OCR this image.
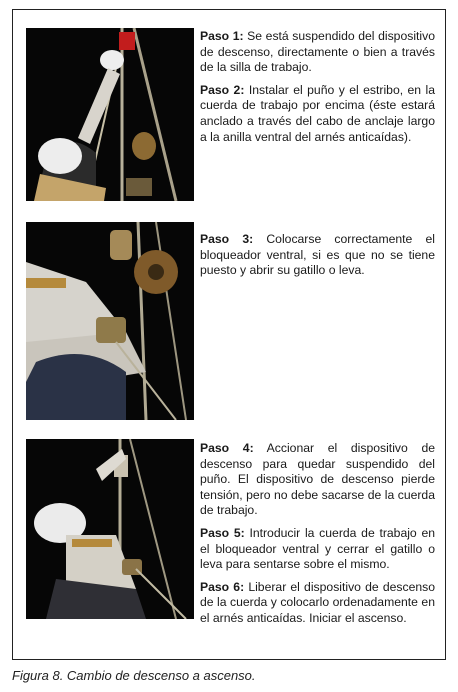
Paso 1: Se está suspendido del dispositivo de descenso, directamente o bien a través de la silla de trabajo.

Paso 2: Instalar el puño y el estribo, en la cuerda de trabajo por encima (éste estará anclado a través del cabo de anclaje largo a la anilla ventral del arnés anticaídas).

Paso 3: Colocarse correctamente el bloqueador ventral, si es que no se tiene puesto y abrir su gatillo o leva.

Paso 4: Accionar el dispositivo de descenso para quedar suspendido del puño. El dispositivo de descenso pierde tensión, pero no debe sacarse de la cuerda de trabajo.

Paso 5: Introducir la cuerda de trabajo en el bloqueador ventral y cerrar el gatillo o leva para sentarse sobre el mismo.

Paso 6: Liberar el dispositivo de descenso de la cuerda y colocarlo ordenadamente en el arnés anticaídas. Iniciar el ascenso.

Figura 8. Cambio de descenso a ascenso.
